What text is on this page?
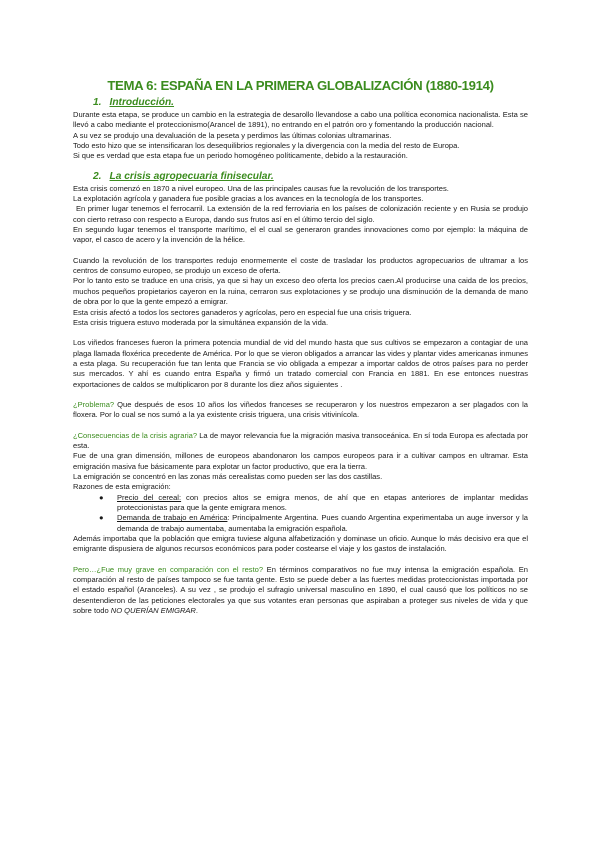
TEMA 6: ESPAÑA EN LA PRIMERA GLOBALIZACIÓN (1880-1914)
1. Introducción.

Durante esta etapa, se produce un cambio en la estrategia de desarollo llevandose a cabo una política economica nacionalista. Esta se llevó a cabo mediante el proteccionismo(Arancel de 1891), no entrando en el patrón oro y fomentando la producción nacional.

A su vez se produjo una devaluación de la peseta y perdimos las últimas colonias ultramarinas.

Todo esto hizo que se intensificaran los desequilibrios regionales y la divergencia con la media del resto de Europa.

Si que es verdad que esta etapa fue un periodo homogéneo políticamente, debido a la restauración.

2. La crisis agropecuaria finisecular.

Esta crisis comenzó en 1870 a nivel europeo. Una de las principales causas fue la revolución de los transportes.

La explotación agrícola y ganadera fue posible gracias a los avances en la tecnología de los transportes.

En primer lugar tenemos el ferrocarril. La extensión de la red ferroviaria en los países de colonización reciente y en Rusia se produjo con cierto retraso con respecto a Europa, dando sus frutos así en el último tercio del siglo.

En segundo lugar tenemos el transporte marítimo, el el cual se generaron grandes innovaciones como por ejemplo: la máquina de vapor, el casco de acero y la invención de la hélice.

Cuando la revolución de los transportes redujo enormemente el coste de trasladar los productos agropecuarios de ultramar a los centros de consumo europeo, se produjo un exceso de oferta.

Por lo tanto esto se traduce en una crisis, ya que si hay un exceso deo oferta los precios caen.Al producirse una caida de los precios, muchos pequeños propietarios cayeron en la ruina, cerraron sus explotaciones y se produjo una disminución de la demanda de mano de obra por lo que la gente empezó a emigrar.

Esta crisis afectó a todos los sectores ganaderos y agrícolas, pero en especial fue una crisis triguera.

Esta crisis triguera estuvo moderada por la simultánea expansión de la vida.

Los viñedos franceses fueron la primera potencia mundial de vid del mundo hasta que sus cultivos se empezaron a contagiar de una plaga llamada floxérica precedente de América. Por lo que se vieron obligados a arrancar las vides y plantar vides americanas inmunes a esta plaga. Su recuperación fue tan lenta que Francia se vio obligada a empezar a importar caldos de otros países para no perder sus mercados. Y ahí es cuando entra España y firmó un tratado comercial con Francia en 1881. En ese entonces nuestras exportaciones de caldos se multiplicaron por 8 durante los diez años siguientes .

¿Problema? Que después de esos 10 años los viñedos franceses se recuperaron y los nuestros empezaron a ser plagados con la floxera. Por lo cual se nos sumó a la ya existente crisis triguera, una crisis vitivinícola.

¿Consecuencias de la crisis agraria? La de mayor relevancia fue la migración masiva transoceánica. En sí toda Europa es afectada por esta.

Fue de una gran dimensión, millones de europeos abandonaron los campos europeos para ir a cultivar campos en ultramar. Esta emigración masiva fue básicamente para explotar un factor productivo, que era la tierra.

La emigración se concentró en las zonas más cerealistas como pueden ser las dos castillas.

Razones de esta emigración:

● Precio del cereal: con precios altos se emigra menos, de ahí que en etapas anteriores de implantar medidas proteccionistas para que la gente emigrara menos.
● Demanda de trabajo en América: Principalmente Argentina. Pues cuando Argentina experimentaba un auge inversor y la demanda de trabajo aumentaba, aumentaba la emigración española.

Además importaba que la población que emigra tuviese alguna alfabetización y dominase un oficio. Aunque lo más decisivo era que el emigrante dispusiera de algunos recursos económicos para poder costearse el viaje y los gastos de instalación.

Pero…¿Fue muy grave en comparación con el resto? En términos comparativos no fue muy intensa la emigración española. En comparación al resto de países tampoco se fue tanta gente. Esto se puede deber a las fuertes medidas proteccionistas importada por el estado español (Aranceles). A su vez , se produjo el sufragio universal masculino en 1890, el cual causó que los políticos no se desentendieron de las peticiones electorales ya que sus votantes eran personas que aspiraban a proteger sus niveles de vida y que sobre todo NO QUERÍAN EMIGRAR.
